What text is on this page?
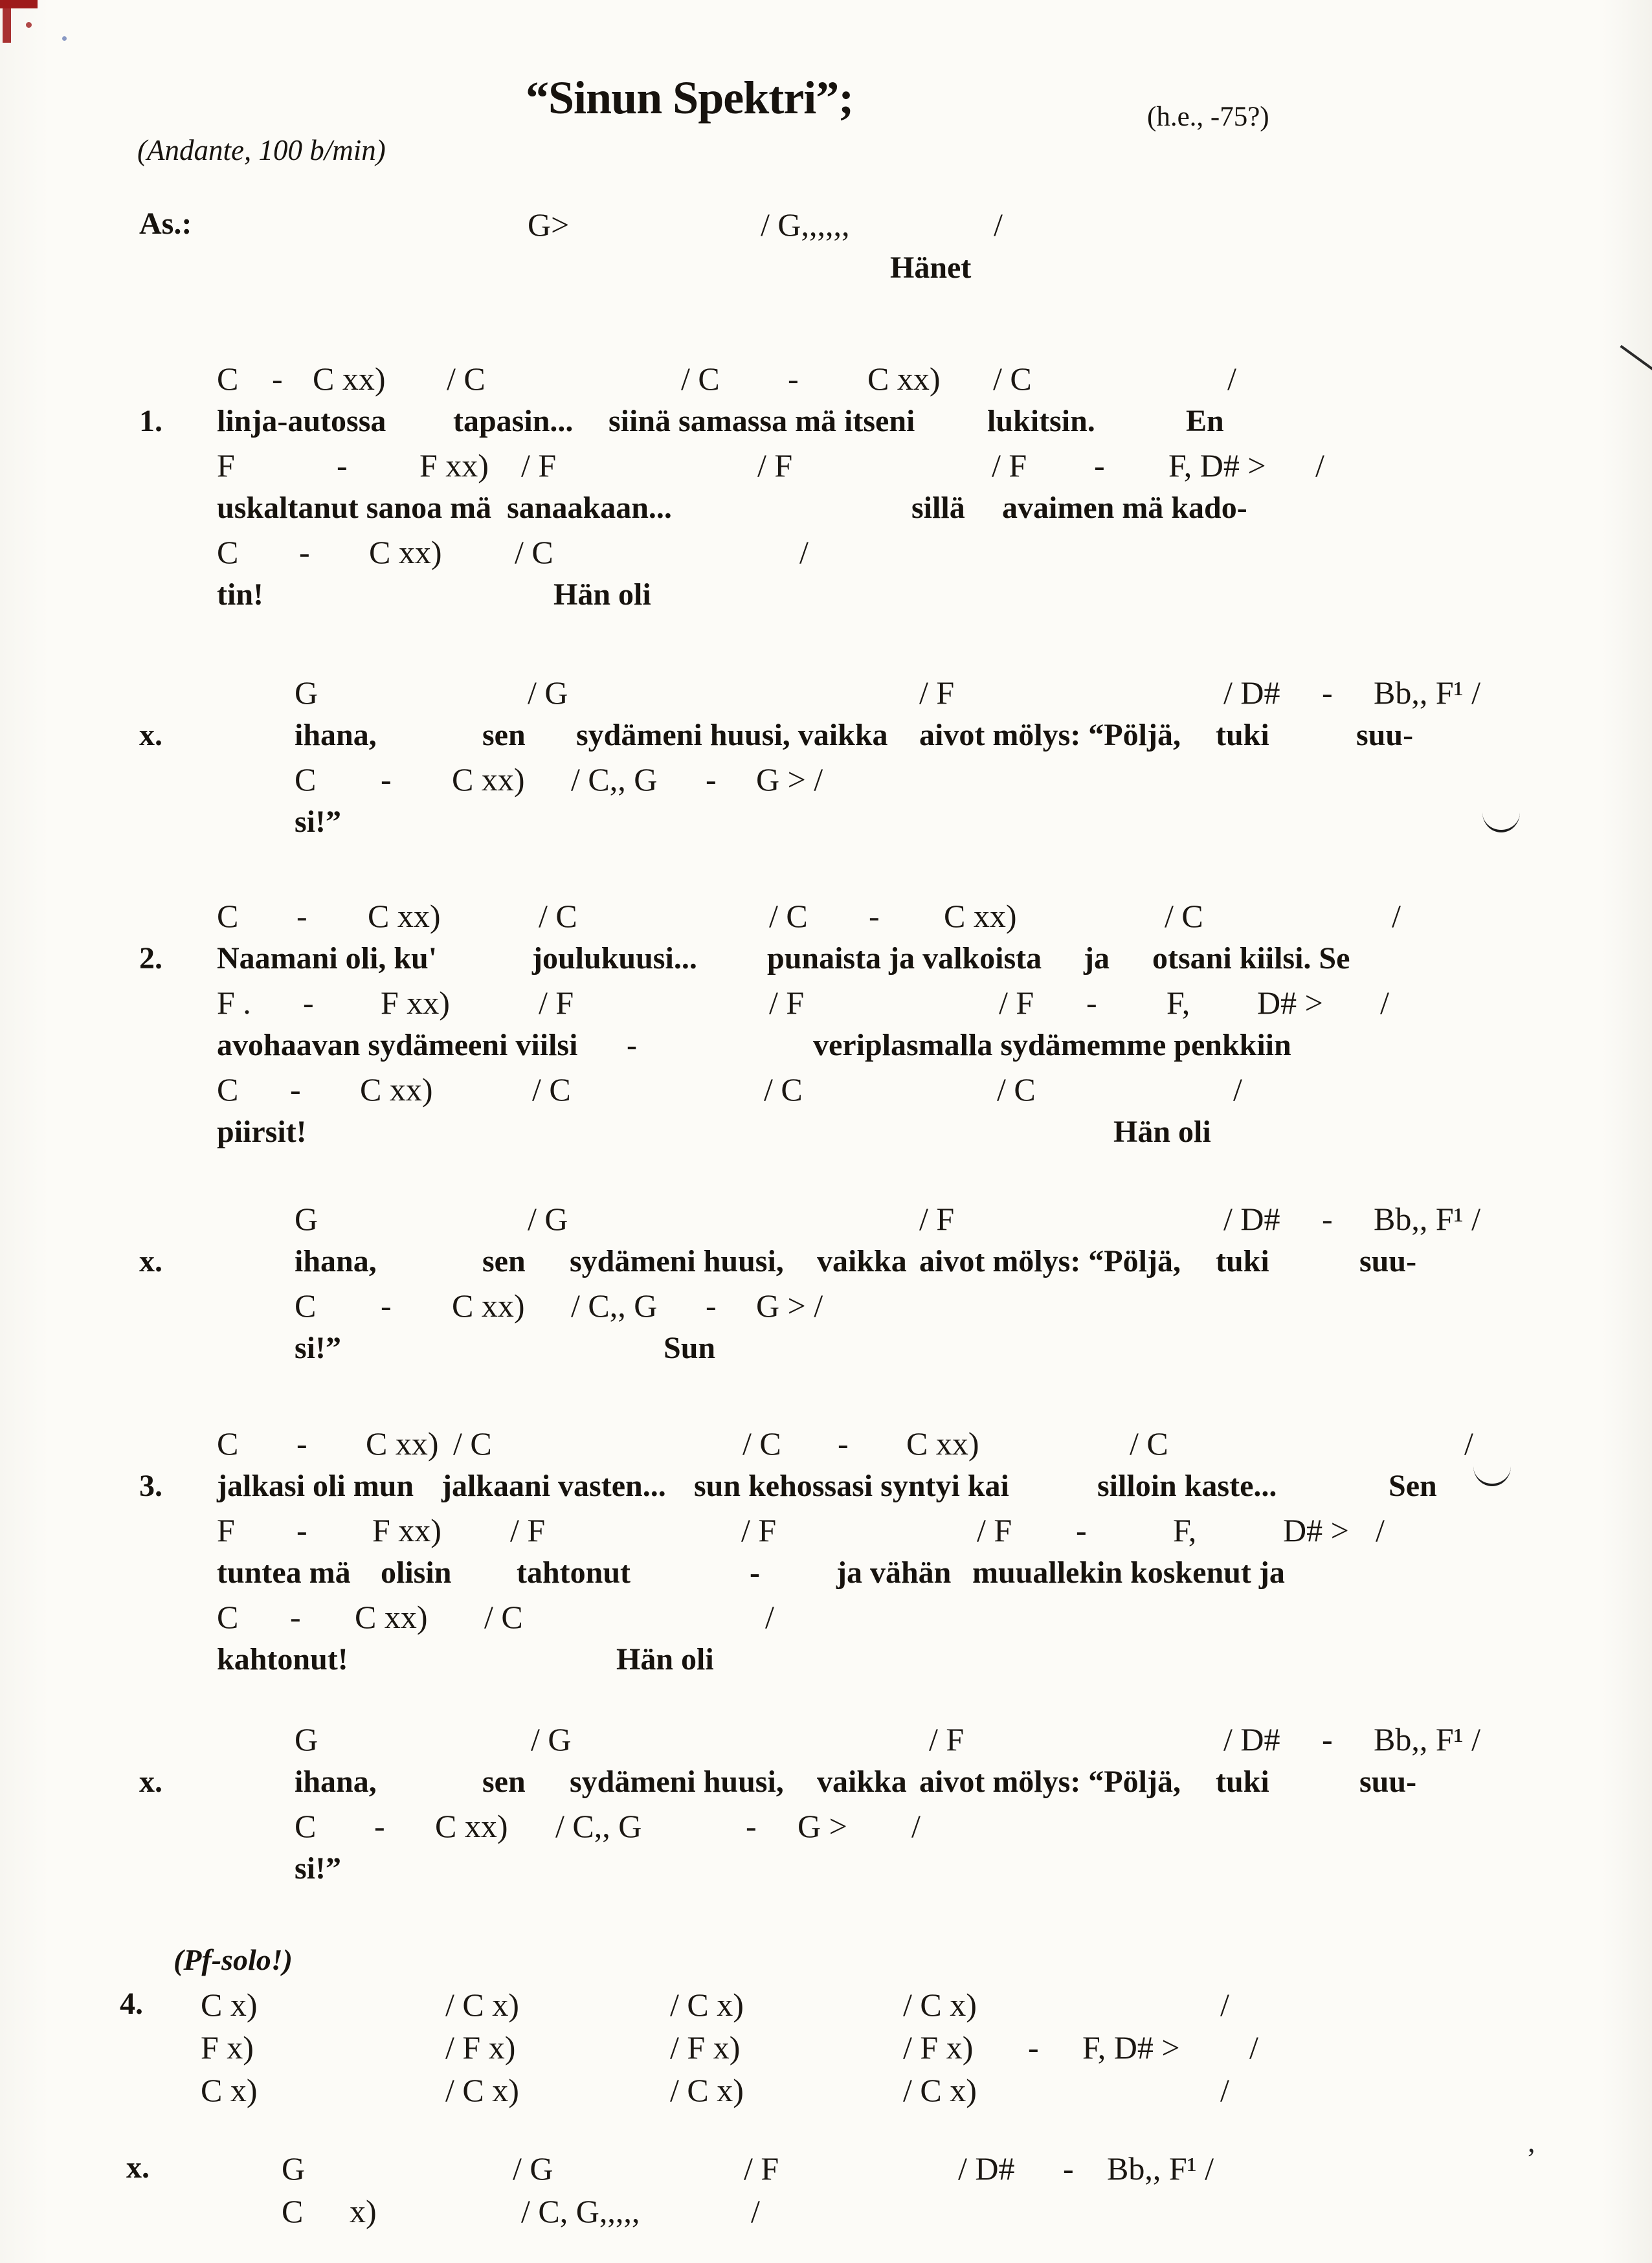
(Andante, 100 b/min)
“Sinun Spektri”;	(h.e., -75?)
As.:	G>	/ G,,,,,,	/
Hänet
C - C xx) / C	/ C - C xx) / C	/
1. linja-autossa tapasin... siinä samassa mä itseni lukitsin.	En
F	- F xx) / F	/ F	/ F - F, D# > /
uskaltanut sanoa mä  sanaakaan...	sillä avaimen mä kado-
C - C xx) / C	/
tin!	Hän oli
G	/ G	/ F	/ D# - Bb,, F¹ /
x.	ihana,	sen sydämeni huusi, vaikka aivot mölys: “Pöljä, tuki	suu-
C - C xx) / C,, G - G > /
si!”
C - C xx)	/ C	/ C - C xx)	/ C	/
2. Naamani oli, ku'	joulukuusi... punaista ja valkoista ja otsani kiilsi. Se
F . - F xx)	/ F	/ F	/ F - F, D# > /
avohaavan sydämeeni viilsi -	veriplasmalla sydämemme penkkiin
C - C xx)	/ C	/ C	/ C	/
piirsit!	Hän oli
G	/ G	/ F	/ D# - Bb,, F¹ /
x.	ihana,	sen sydämeni huusi, vaikka aivot mölys: “Pöljä, tuki	suu-
C - C xx) / C,, G - G > /
si!”	Sun
C - C xx) / C	/ C - C xx)	/ C	/
3. jalkasi oli mun jalkaani vasten... sun kehossasi syntyi kai	silloin kaste...	Sen
F - F xx) / F	/ F	/ F -	F,	D# > /
tuntea mä olisin tahtonut	- ja vähän muuallekin koskenut ja
C - C xx) / C	/
kahtonut!	Hän oli
G	/ G	/ F	/ D# - Bb,, F¹ /
x.	ihana,	sen sydämeni huusi, vaikka aivot mölys: “Pöljä, tuki	suu-
C - C xx) / C,, G	- G > /
si!”
(Pf-solo!)
4. C x)	/ C x)	/ C x)	/ C x)	/
F x)	/ F x)	/ F x)	/ F x) - F, D# > /
C x)	/ C x)	/ C x)	/ C x)	/
x.	G	/ G	/ F	/ D# - Bb,, F¹ /
C x)	/ C, G,,,,,	/
,
